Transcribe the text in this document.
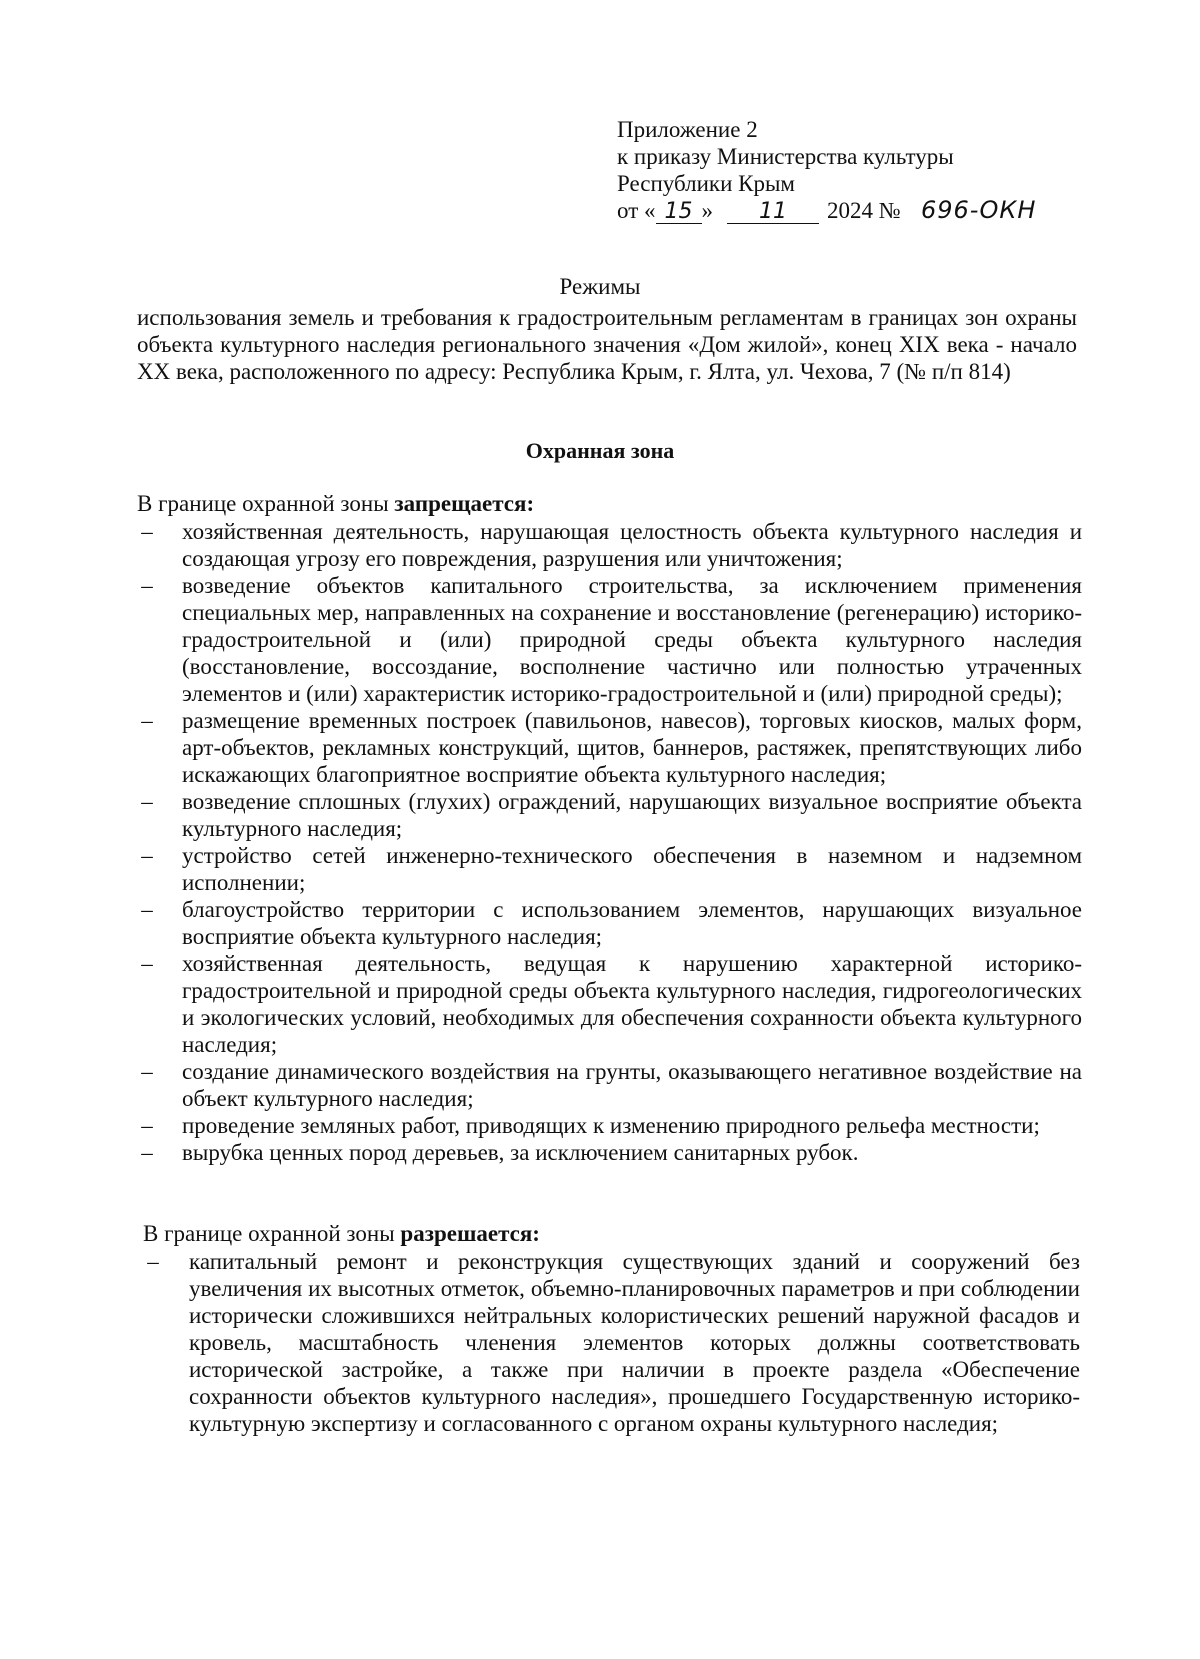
Приложение 2
к приказу Министерства культуры
Республики Крым
от « 15 »	11	2024 № 696-ОКН
Режимы
использования земель и требования к градостроительным регламентам в границах зон охраны объекта культурного наследия регионального значения «Дом жилой», конец XIX века - начало XX века, расположенного по адресу: Республика Крым, г. Ялта, ул. Чехова, 7 (№ п/п 814)
Охранная зона
В границе охранной зоны запрещается:
– хозяйственная деятельность, нарушающая целостность объекта культурного наследия и создающая угрозу его повреждения, разрушения или уничтожения;
– возведение объектов капитального строительства, за исключением применения специальных мер, направленных на сохранение и восстановление (регенерацию) историко-градостроительной и (или) природной среды объекта культурного наследия (восстановление, воссоздание, восполнение частично или полностью утраченных элементов и (или) характеристик историко-градостроительной и (или) природной среды);
– размещение временных построек (павильонов, навесов), торговых киосков, малых форм, арт-объектов, рекламных конструкций, щитов, баннеров, растяжек, препятствующих либо искажающих благоприятное восприятие объекта культурного наследия;
– возведение сплошных (глухих) ограждений, нарушающих визуальное восприятие объекта культурного наследия;
– устройство сетей инженерно-технического обеспечения в наземном и надземном исполнении;
– благоустройство территории с использованием элементов, нарушающих визуальное восприятие объекта культурного наследия;
– хозяйственная деятельность, ведущая к нарушению характерной историко-градостроительной и природной среды объекта культурного наследия, гидрогеологических и экологических условий, необходимых для обеспечения сохранности объекта культурного наследия;
– создание динамического воздействия на грунты, оказывающего негативное воздействие на объект культурного наследия;
– проведение земляных работ, приводящих к изменению природного рельефа местности;
– вырубка ценных пород деревьев, за исключением санитарных рубок.
В границе охранной зоны разрешается:
– капитальный ремонт и реконструкция существующих зданий и сооружений без увеличения их высотных отметок, объемно-планировочных параметров и при соблюдении исторически сложившихся нейтральных колористических решений наружной фасадов и кровель, масштабность членения элементов которых должны соответствовать исторической застройке, а также при наличии в проекте раздела «Обеспечение сохранности объектов культурного наследия», прошедшего Государственную историко-культурную экспертизу и согласованного с органом охраны культурного наследия;
